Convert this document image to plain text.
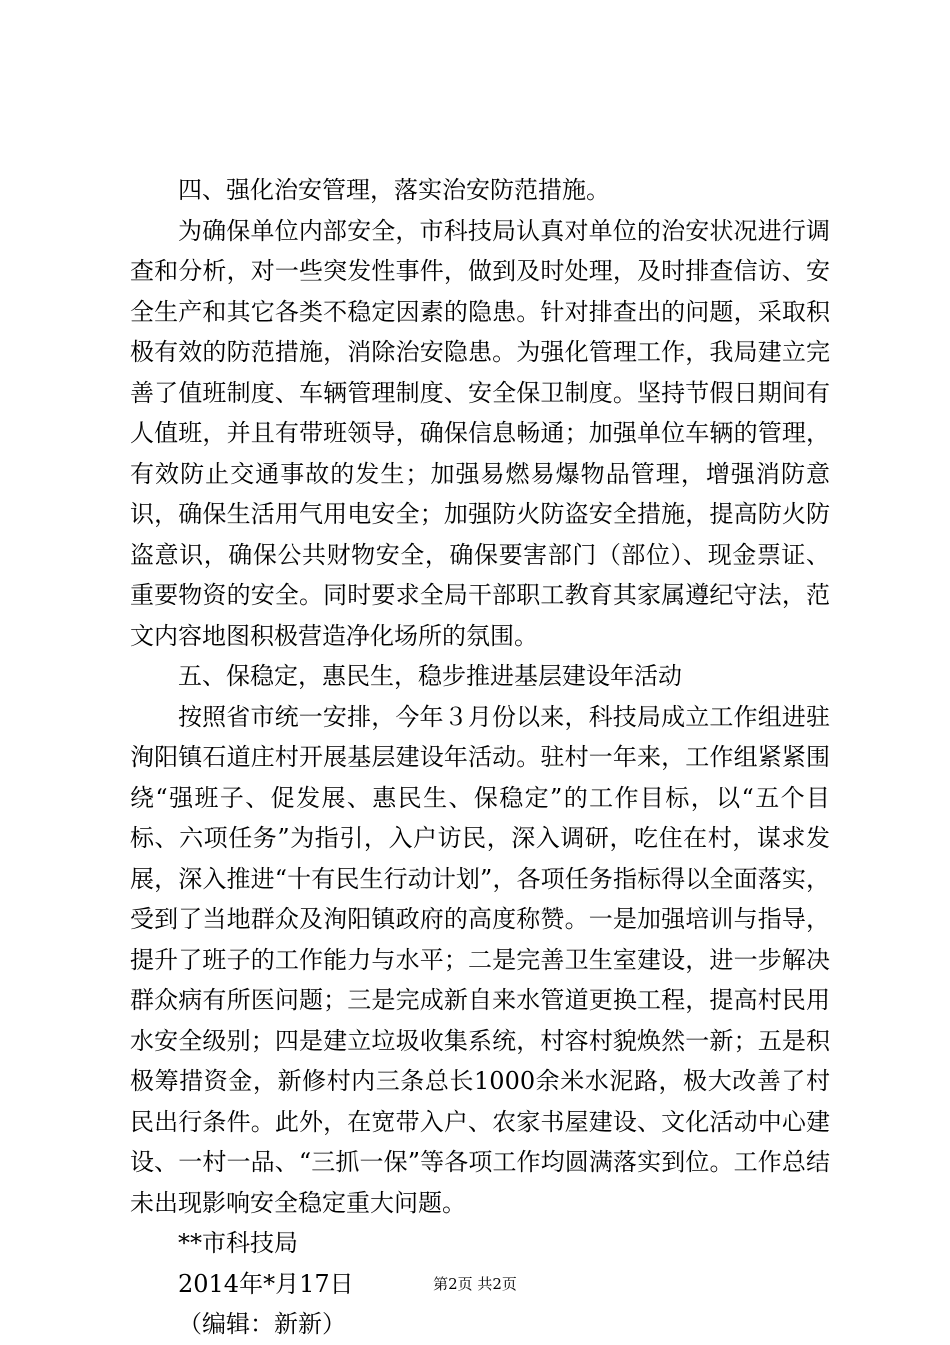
四、强化治安管理，落实治安防范措施。

为确保单位内部安全，市科技局认真对单位的治安状况进行调查和分析，对一些突发性事件，做到及时处理，及时排查信访、安全生产和其它各类不稳定因素的隐患。针对排查出的问题，采取积极有效的防范措施，消除治安隐患。为强化管理工作，我局建立完善了值班制度、车辆管理制度、安全保卫制度。坚持节假日期间有人值班，并且有带班领导，确保信息畅通；加强单位车辆的管理，有效防止交通事故的发生；加强易燃易爆物品管理，增强消防意识，确保生活用气用电安全；加强防火防盗安全措施，提高防火防盗意识，确保公共财物安全，确保要害部门（部位）、现金票证、重要物资的安全。同时要求全局干部职工教育其家属遵纪守法，范文内容地图积极营造净化场所的氛围。

五、保稳定，惠民生，稳步推进基层建设年活动

按照省市统一安排，今年３月份以来，科技局成立工作组进驻洵阳镇石道庄村开展基层建设年活动。驻村一年来，工作组紧紧围绕“强班子、促发展、惠民生、保稳定”的工作目标，以“五个目标、六项任务”为指引，入户访民，深入调研，吃住在村，谋求发展，深入推进“十有民生行动计划”，各项任务指标得以全面落实，受到了当地群众及洵阳镇政府的高度称赞。一是加强培训与指导，提升了班子的工作能力与水平；二是完善卫生室建设，进一步解决群众病有所医问题；三是完成新自来水管道更换工程，提高村民用水安全级别；四是建立垃圾收集系统，村容村貌焕然一新；五是积极筹措资金，新修村内三条总长1000余米水泥路，极大改善了村民出行条件。此外，在宽带入户、农家书屋建设、文化活动中心建设、一村一品、“三抓一保”等各项工作均圆满落实到位。工作总结未出现影响安全稳定重大问题。

**市科技局

2014年*月17日

（编辑：新新）

第2页 共2页
